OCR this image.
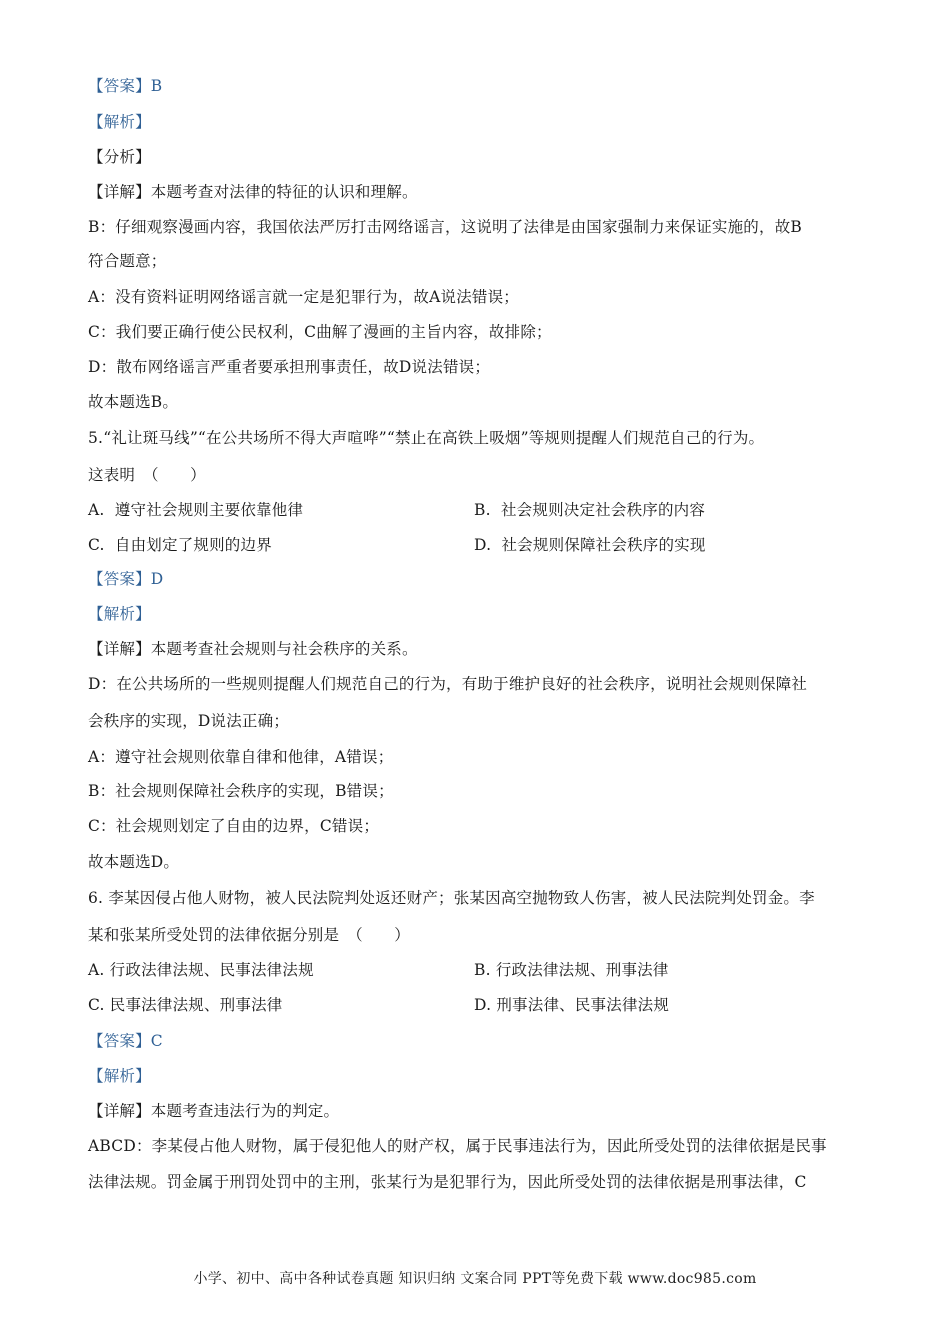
【答案】B
【解析】
【分析】
【详解】本题考查对法律的特征的认识和理解。
B：仔细观察漫画内容，我国依法严厉打击网络谣言，这说明了法律是由国家强制力来保证实施的，故B
符合题意；
A：没有资料证明网络谣言就一定是犯罪行为，故A说法错误；
C：我们要正确行使公民权利，C曲解了漫画的主旨内容，故排除；
D：散布网络谣言严重者要承担刑事责任，故D说法错误；
故本题选B。
5.“礼让斑马线”“在公共场所不得大声喧哗”“禁止在高铁上吸烟”等规则提醒人们规范自己的行为。
这表明　（　　）
A. 遵守社会规则主要依靠他律	B. 社会规则决定社会秩序的内容
C. 自由划定了规则的边界	D. 社会规则保障社会秩序的实现
【答案】D
【解析】
【详解】本题考查社会规则与社会秩序的关系。
D：在公共场所的一些规则提醒人们规范自己的行为，有助于维护良好的社会秩序，说明社会规则保障社
会秩序的实现，D说法正确；
A：遵守社会规则依靠自律和他律，A错误；
B：社会规则保障社会秩序的实现，B错误；
C：社会规则划定了自由的边界，C错误；
故本题选D。
6. 李某因侵占他人财物，被人民法院判处返还财产；张某因高空抛物致人伤害，被人民法院判处罚金。李
某和张某所受处罚的法律依据分别是　（　　）
A. 行政法律法规、民事法律法规	B. 行政法律法规、刑事法律
C. 民事法律法规、刑事法律	D. 刑事法律、民事法律法规
【答案】C
【解析】
【详解】本题考查违法行为的判定。
ABCD：李某侵占他人财物，属于侵犯他人的财产权，属于民事违法行为，因此所受处罚的法律依据是民事
法律法规。罚金属于刑罚处罚中的主刑，张某行为是犯罪行为，因此所受处罚的法律依据是刑事法律，C
小学、初中、高中各种试卷真题 知识归纳 文案合同 PPT等免费下载 www.doc985.com
